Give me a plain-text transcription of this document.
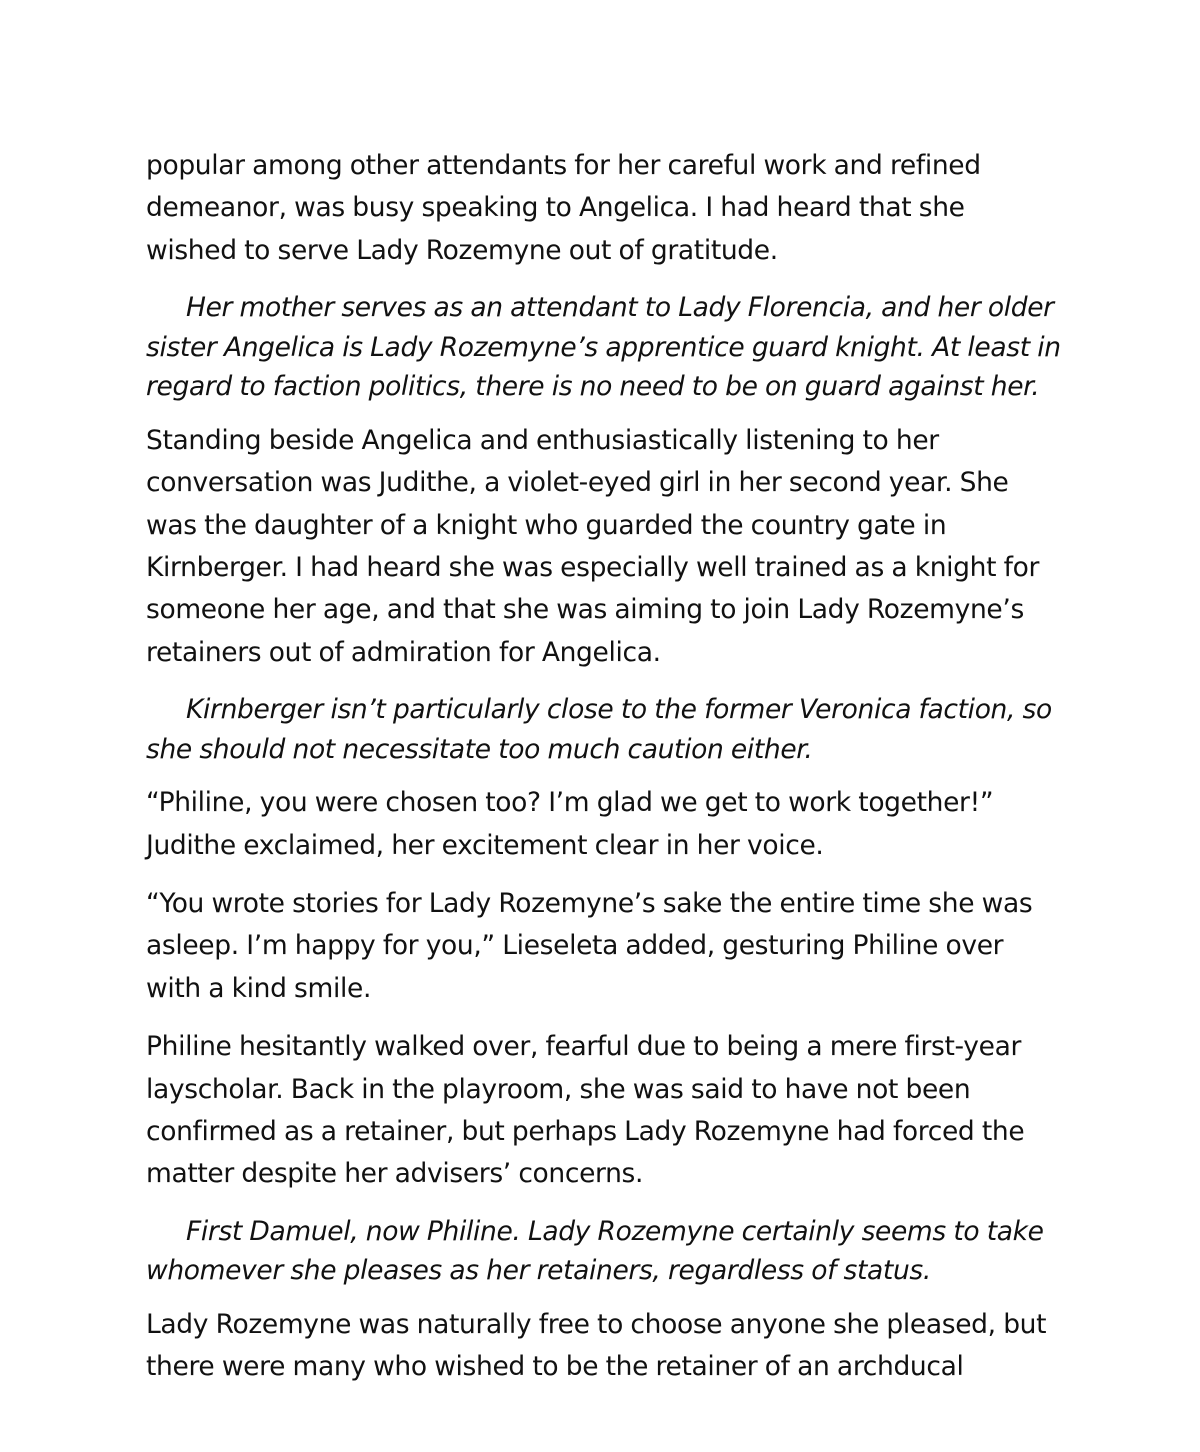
popular among other attendants for her careful work and refined demeanor, was busy speaking to Angelica. I had heard that she wished to serve Lady Rozemyne out of gratitude.

Her mother serves as an attendant to Lady Florencia, and her older sister Angelica is Lady Rozemyne’s apprentice guard knight. At least in regard to faction politics, there is no need to be on guard against her.

Standing beside Angelica and enthusiastically listening to her conversation was Judithe, a violet-eyed girl in her second year. She was the daughter of a knight who guarded the country gate in Kirnberger. I had heard she was especially well trained as a knight for someone her age, and that she was aiming to join Lady Rozemyne’s retainers out of admiration for Angelica.

Kirnberger isn’t particularly close to the former Veronica faction, so she should not necessitate too much caution either.

“Philine, you were chosen too? I’m glad we get to work together!” Judithe exclaimed, her excitement clear in her voice.

“You wrote stories for Lady Rozemyne’s sake the entire time she was asleep. I’m happy for you,” Lieseleta added, gesturing Philine over with a kind smile.

Philine hesitantly walked over, fearful due to being a mere first-year layscholar. Back in the playroom, she was said to have not been confirmed as a retainer, but perhaps Lady Rozemyne had forced the matter despite her advisers’ concerns.

First Damuel, now Philine. Lady Rozemyne certainly seems to take whomever she pleases as her retainers, regardless of status.

Lady Rozemyne was naturally free to choose anyone she pleased, but there were many who wished to be the retainer of an archducal
